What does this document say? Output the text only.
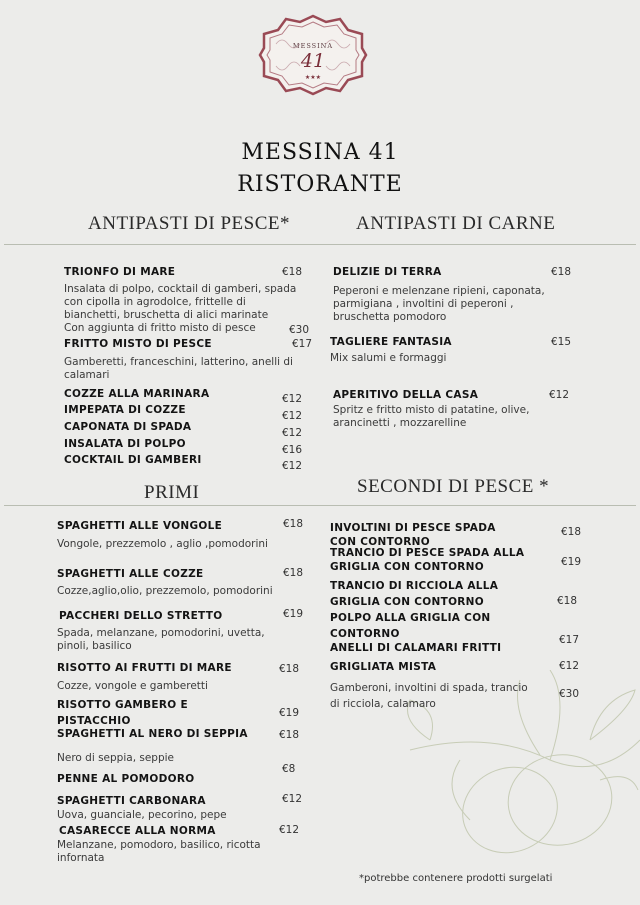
MESSINA
41
★★★
MESSINA 41
RISTORANTE
ANTIPASTI DI PESCE*	ANTIPASTI DI CARNE
TRIONFO DI MARE	€18
Insalata di polpo, cocktail di gamberi, spada
con cipolla in agrodolce, frittelle di
bianchetti, bruschetta di alici marinate
Con aggiunta di fritto misto di pesce	€30
FRITTO MISTO DI PESCE	€17
Gamberetti, franceschini, latterino, anelli di
calamari
COZZE ALLA MARINARA	€12
IMPEPATA DI COZZE	€12
CAPONATA DI SPADA	€12
INSALATA DI POLPO	€16
COCKTAIL DI GAMBERI	€12
DELIZIE DI TERRA	€18
Peperoni e melenzane ripieni, caponata,
parmigiana , involtini di peperoni ,
bruschetta pomodoro
TAGLIERE FANTASIA	€15
Mix salumi e formaggi
APERITIVO DELLA CASA	€12
Spritz e fritto misto di patatine, olive,
arancinetti , mozzarelline
PRIMI	SECONDI DI PESCE *
SPAGHETTI ALLE VONGOLE	€18
Vongole, prezzemolo , aglio ,pomodorini
SPAGHETTI ALLE COZZE	€18
Cozze,aglio,olio, prezzemolo, pomodorini
PACCHERI DELLO STRETTO	€19
Spada, melanzane, pomodorini, uvetta,
pinoli, basilico
RISOTTO AI FRUTTI DI MARE	€18
Cozze, vongole e gamberetti
RISOTTO GAMBERO E
PISTACCHIO
€19
SPAGHETTI AL NERO DI SEPPIA	€18
Nero di seppia, seppie
PENNE AL POMODORO
€8
SPAGHETTI CARBONARA	€12
Uova, guanciale, pecorino, pepe
CASARECCE ALLA NORMA	€12
Melanzane, pomodoro, basilico, ricotta
infornata
INVOLTINI DI PESCE SPADA
CON CONTORNO
€18
TRANCIO DI PESCE SPADA ALLA
GRIGLIA CON CONTORNO	€19
TRANCIO DI RICCIOLA ALLA
GRIGLIA CON CONTORNO	€18
POLPO ALLA GRIGLIA CON
CONTORNO	€17
ANELLI DI CALAMARI FRITTI
€12
GRIGLIATA MISTA
€30
Gamberoni, involtini di spada, trancio
di ricciola, calamaro
*potrebbe contenere prodotti surgelati
